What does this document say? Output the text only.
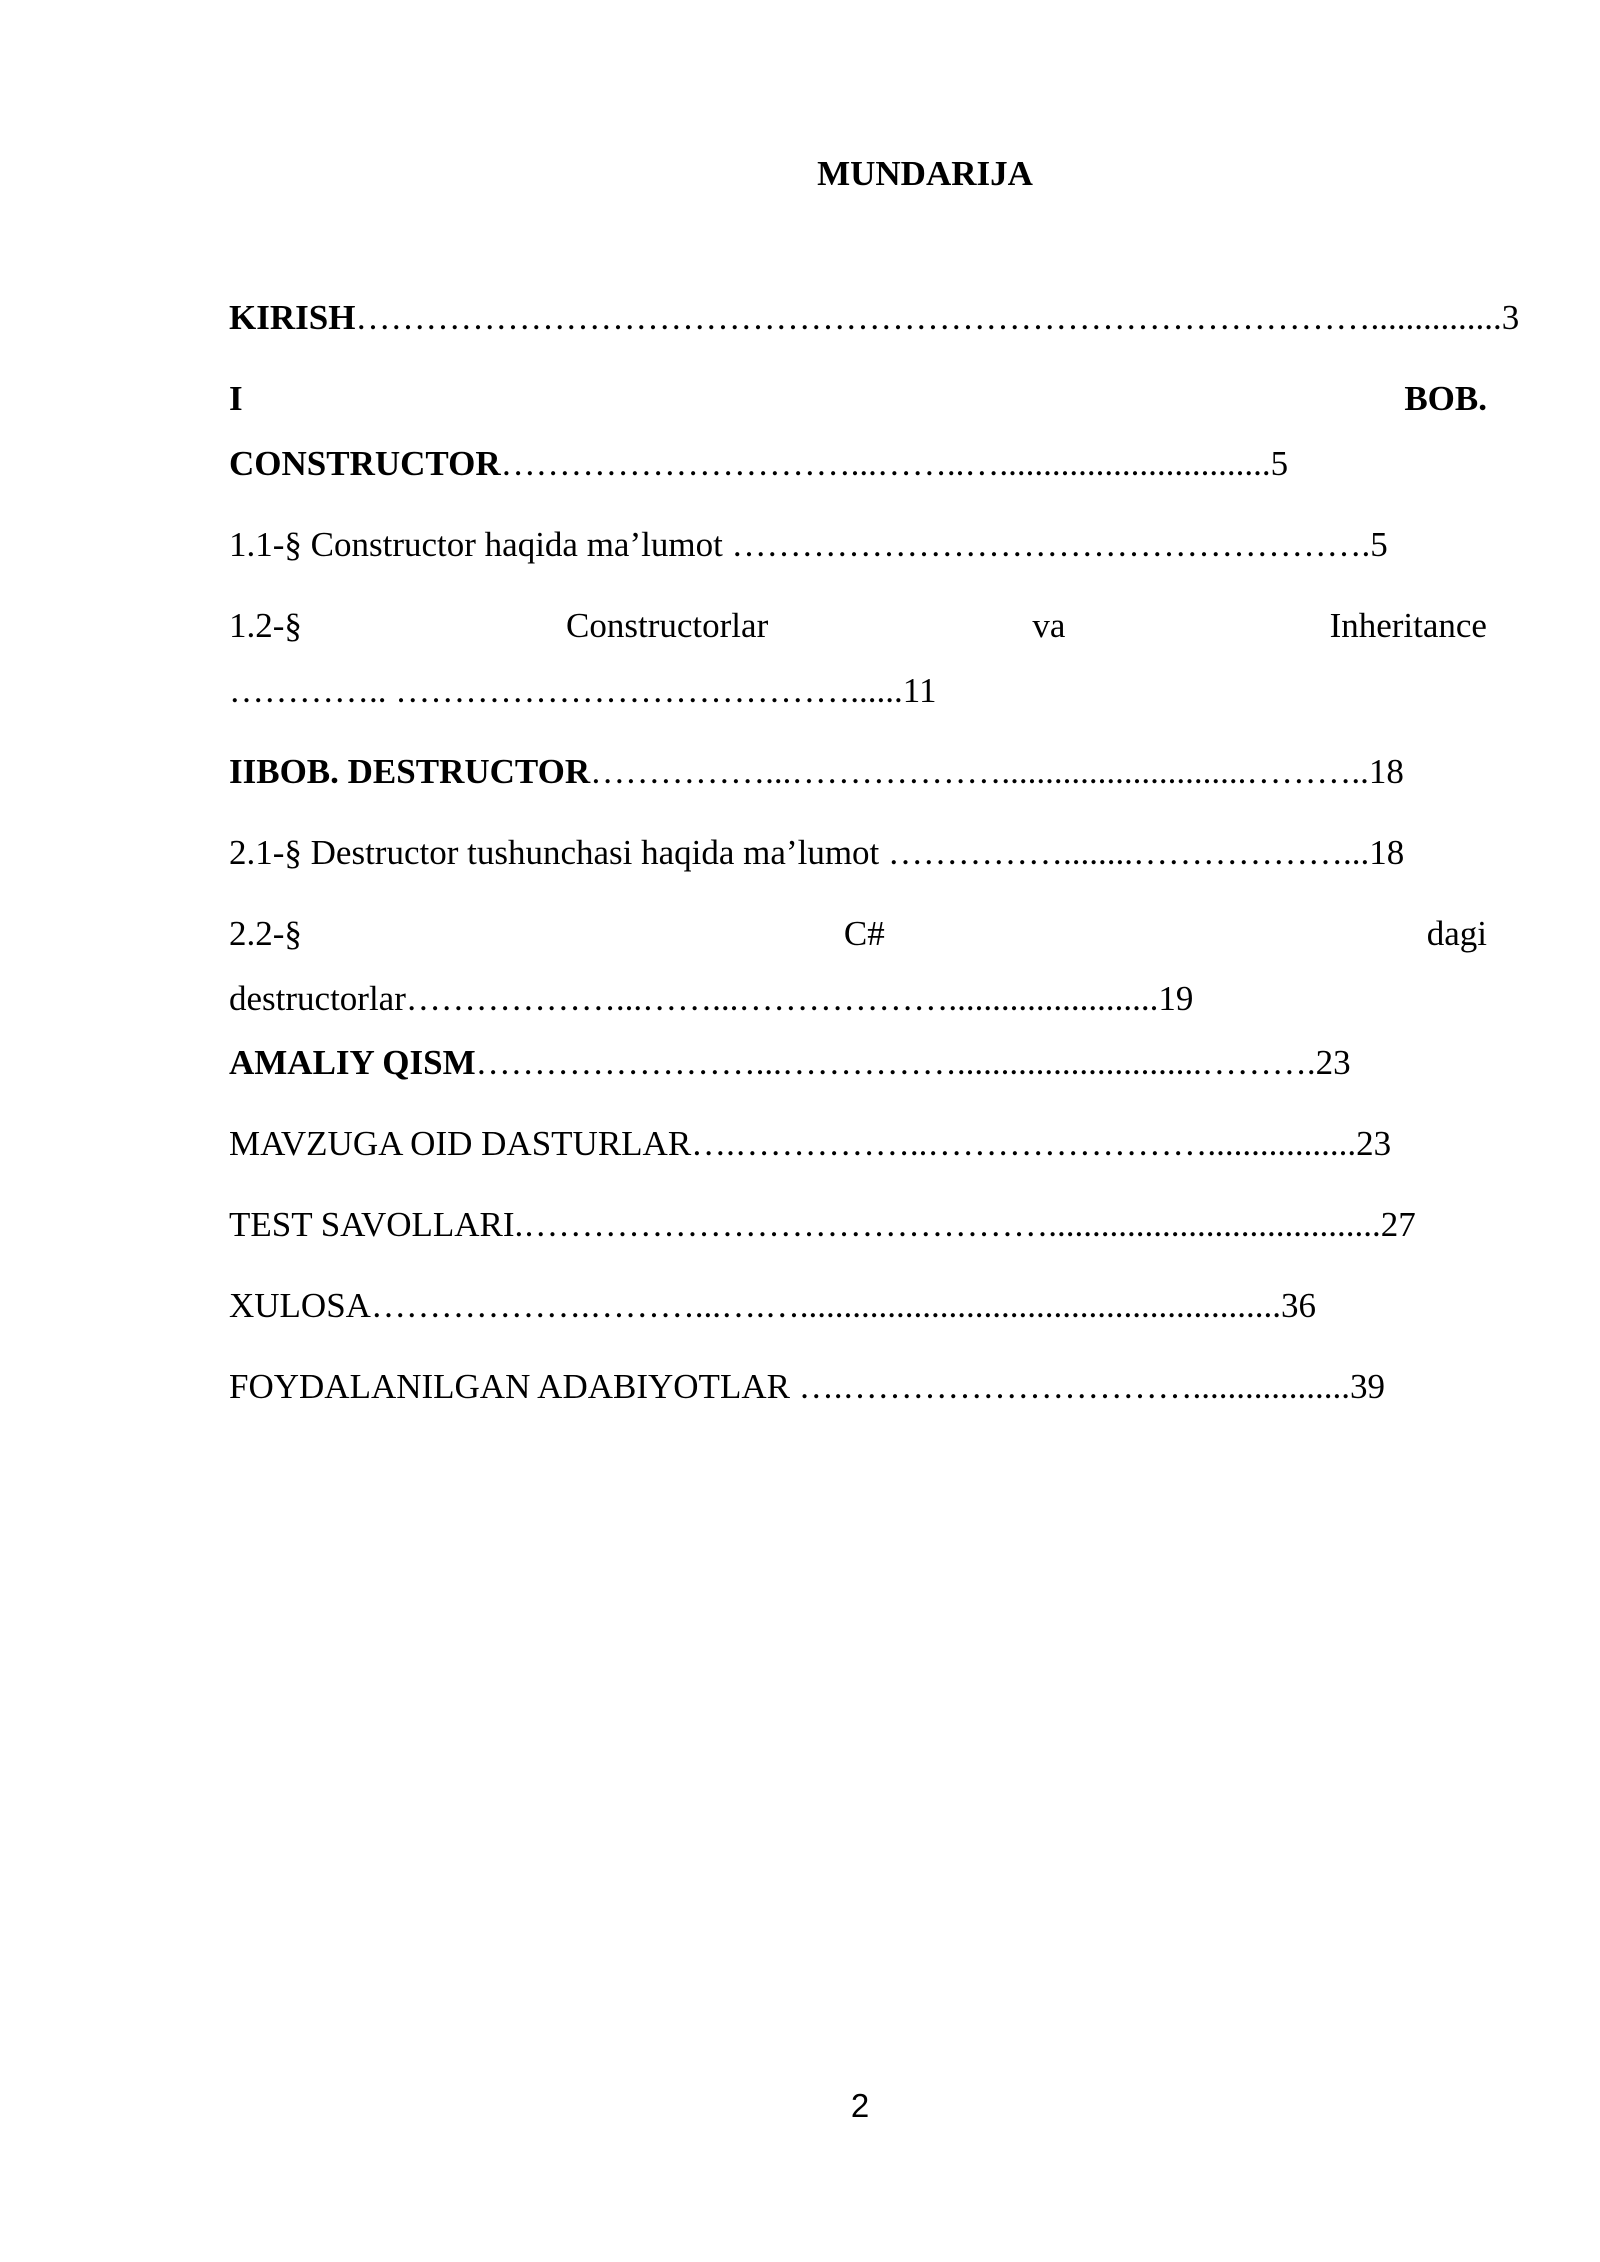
MUNDARIJA
KIRISH……………………………………………………………………………...............3
I	BOB.
CONSTRUCTOR…………………………...……..…...............................5
1.1-§ Constructor haqida ma’lumot ……………………………………………….5
1.2-§	Constructorlar	va	Inheritance
………….. …………………………………......11
IIBOB. DESTRUCTOR……………...………………............................………..18
2.1-§ Destructor tushunchasi haqida ma’lumot ……………........………………...18
2.2-§	C#	dagi
destructorlar………………...……...………………........................19
AMALIY QISM……………………...……………............................……….23
MAVZUGA OID DASTURLAR….……………..…………………….................23
TEST SAVOLLARI.………………………………………......................................27
XULOSA……………….………...….….......................................................36
FOYDALANILGAN ADABIYOTLAR ….…………………………..................39
2
